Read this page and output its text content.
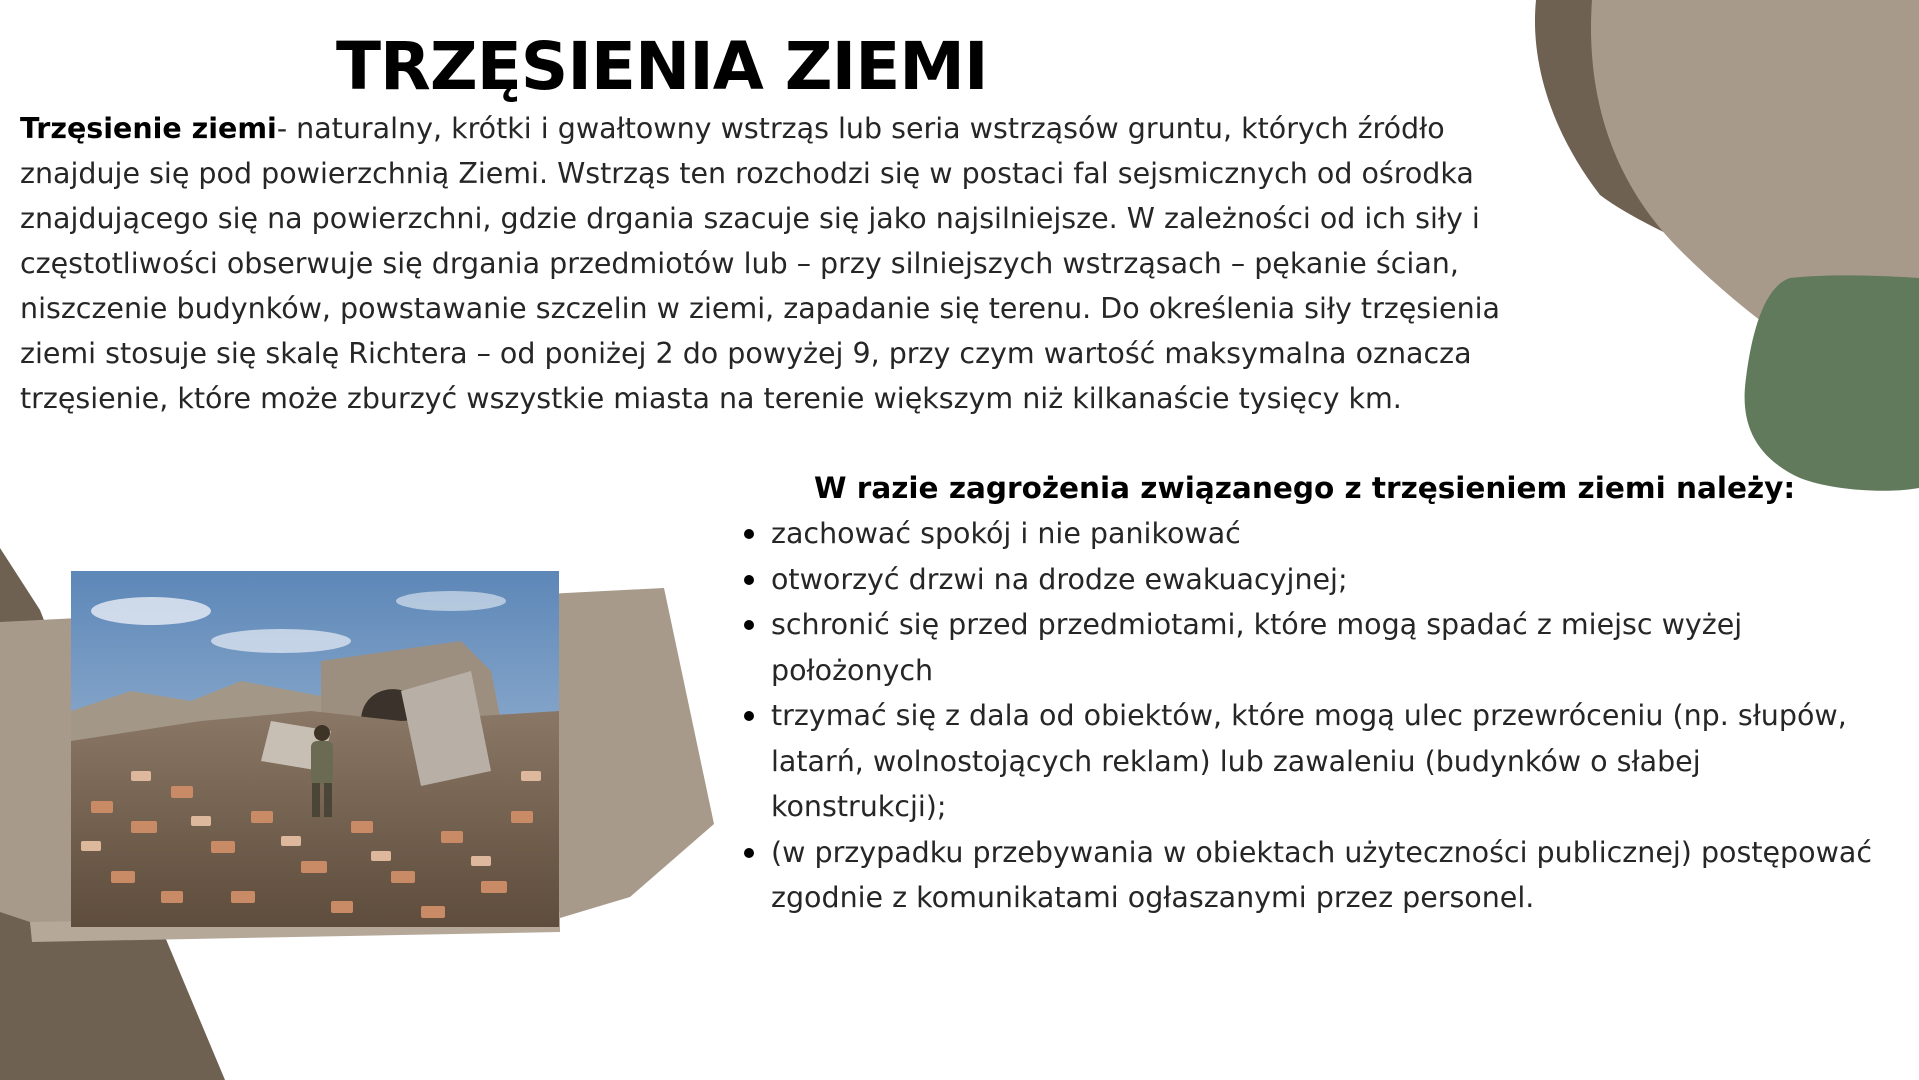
TRZĘSIENIA ZIEMI

Trzęsienie ziemi- naturalny, krótki i gwałtowny wstrząs lub seria wstrząsów gruntu, których źródło znajduje się pod powierzchnią Ziemi. Wstrząs ten rozchodzi się w postaci fal sejsmicznych od ośrodka znajdującego się na powierzchni, gdzie drgania szacuje się jako najsilniejsze. W zależności od ich siły i częstotliwości obserwuje się drgania przedmiotów lub – przy silniejszych wstrząsach – pękanie ścian, niszczenie budynków, powstawanie szczelin w ziemi, zapadanie się terenu. Do określenia siły trzęsienia ziemi stosuje się skalę Richtera – od poniżej 2 do powyżej 9, przy czym wartość maksymalna oznacza trzęsienie, które może zburzyć wszystkie miasta na terenie większym niż kilkanaście tysięcy km.

W razie zagrożenia związanego z trzęsieniem ziemi należy:
zachować spokój i nie panikować
otworzyć drzwi na drodze ewakuacyjnej;
schronić się przed przedmiotami, które mogą spadać z miejsc wyżej położonych
trzymać się z dala od obiektów, które mogą ulec przewróceniu (np. słupów, latarń, wolnostojących reklam) lub zawaleniu (budynków o słabej konstrukcji);
(w przypadku przebywania w obiektach użyteczności publicznej) postępować zgodnie z komunikatami ogłaszanymi przez personel.
